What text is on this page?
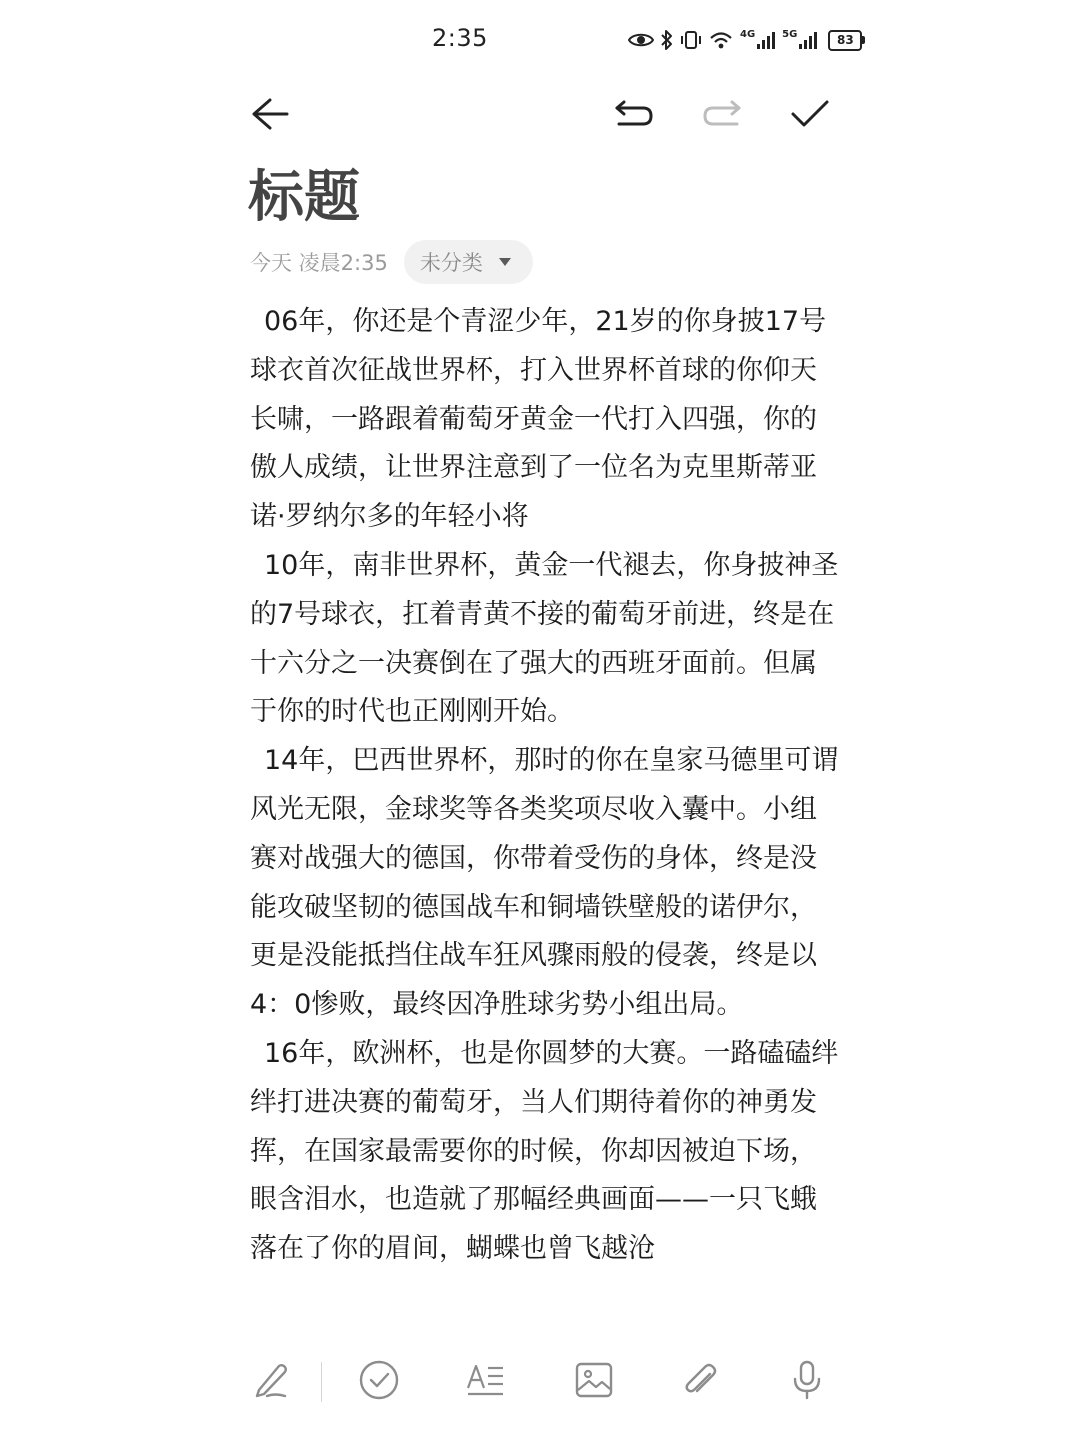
2:35	4G	5G	83
标题
今天 凌晨2:35 未分类

06年，你还是个青涩少年，21岁的你身披17号球衣首次征战世界杯，打入世界杯首球的你仰天长啸，一路跟着葡萄牙黄金一代打入四强，你的傲人成绩，让世界注意到了一位名为克里斯蒂亚诺·罗纳尔多的年轻小将

10年，南非世界杯，黄金一代褪去，你身披神圣的7号球衣，扛着青黄不接的葡萄牙前进，终是在十六分之一决赛倒在了强大的西班牙面前。但属于你的时代也正刚刚开始。

14年，巴西世界杯，那时的你在皇家马德里可谓风光无限，金球奖等各类奖项尽收入囊中。小组赛对战强大的德国，你带着受伤的身体，终是没能攻破坚韧的德国战车和铜墙铁壁般的诺伊尔，更是没能抵挡住战车狂风骤雨般的侵袭，终是以4：0惨败，最终因净胜球劣势小组出局。

16年，欧洲杯，也是你圆梦的大赛。一路磕磕绊绊打进决赛的葡萄牙，当人们期待着你的神勇发挥，在国家最需要你的时候，你却因被迫下场，眼含泪水，也造就了那幅经典画面——一只飞蛾落在了你的眉间，蝴蝶也曾飞越沧
